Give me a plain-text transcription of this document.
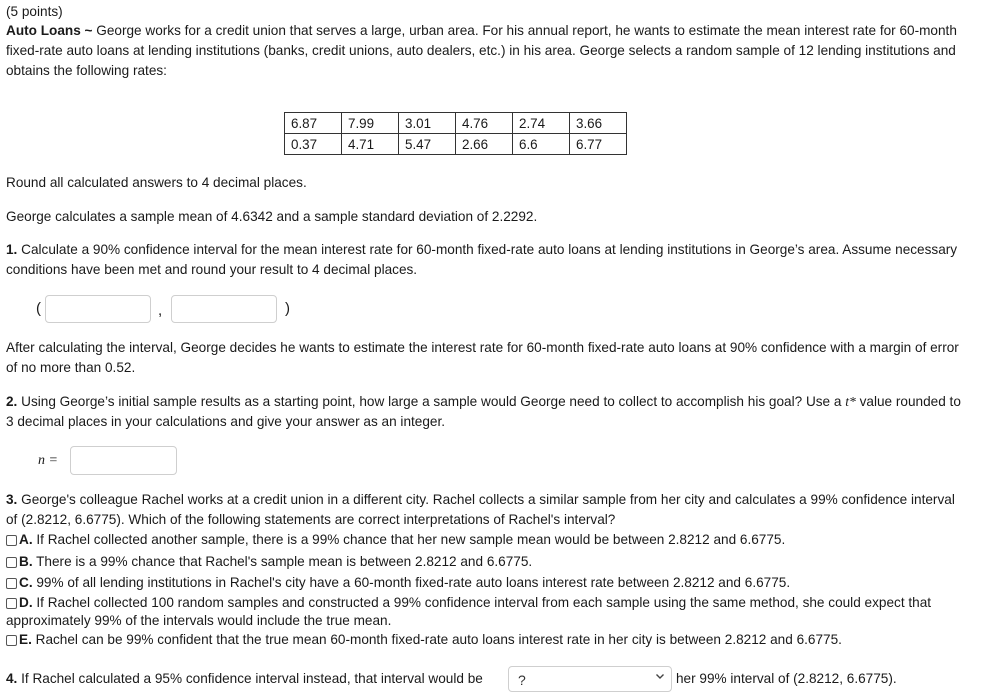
(5 points)
Auto Loans ~ George works for a credit union that serves a large, urban area. For his annual report, he wants to estimate the mean interest rate for 60-month fixed-rate auto loans at lending institutions (banks, credit unions, auto dealers, etc.) in his area. George selects a random sample of 12 lending institutions and obtains the following rates:
6.87	7.99	3.01	4.76	2.74	3.66
0.37	4.71	5.47	2.66	6.6	6.77
Round all calculated answers to 4 decimal places.
George calculates a sample mean of 4.6342 and a sample standard deviation of 2.2292.
1. Calculate a 90% confidence interval for the mean interest rate for 60-month fixed-rate auto loans at lending institutions in George’s area. Assume necessary conditions have been met and round your result to 4 decimal places.
(	,	)
After calculating the interval, George decides he wants to estimate the interest rate for 60-month fixed-rate auto loans at 90% confidence with a margin of error of no more than 0.52.
2. Using George’s initial sample results as a starting point, how large a sample would George need to collect to accomplish his goal? Use a t* value rounded to 3 decimal places in your calculations and give your answer as an integer.
n =
3. George's colleague Rachel works at a credit union in a different city. Rachel collects a similar sample from her city and calculates a 99% confidence interval of (2.8212, 6.6775). Which of the following statements are correct interpretations of Rachel's interval?
A. If Rachel collected another sample, there is a 99% chance that her new sample mean would be between 2.8212 and 6.6775.
B. There is a 99% chance that Rachel's sample mean is between 2.8212 and 6.6775.
C. 99% of all lending institutions in Rachel's city have a 60-month fixed-rate auto loans interest rate between 2.8212 and 6.6775.
D. If Rachel collected 100 random samples and constructed a 99% confidence interval from each sample using the same method, she could expect that approximately 99% of the intervals would include the true mean.
E. Rachel can be 99% confident that the true mean 60-month fixed-rate auto loans interest rate in her city is between 2.8212 and 6.6775.
4. If Rachel calculated a 95% confidence interval instead, that interval would be	?	her 99% interval of (2.8212, 6.6775).
